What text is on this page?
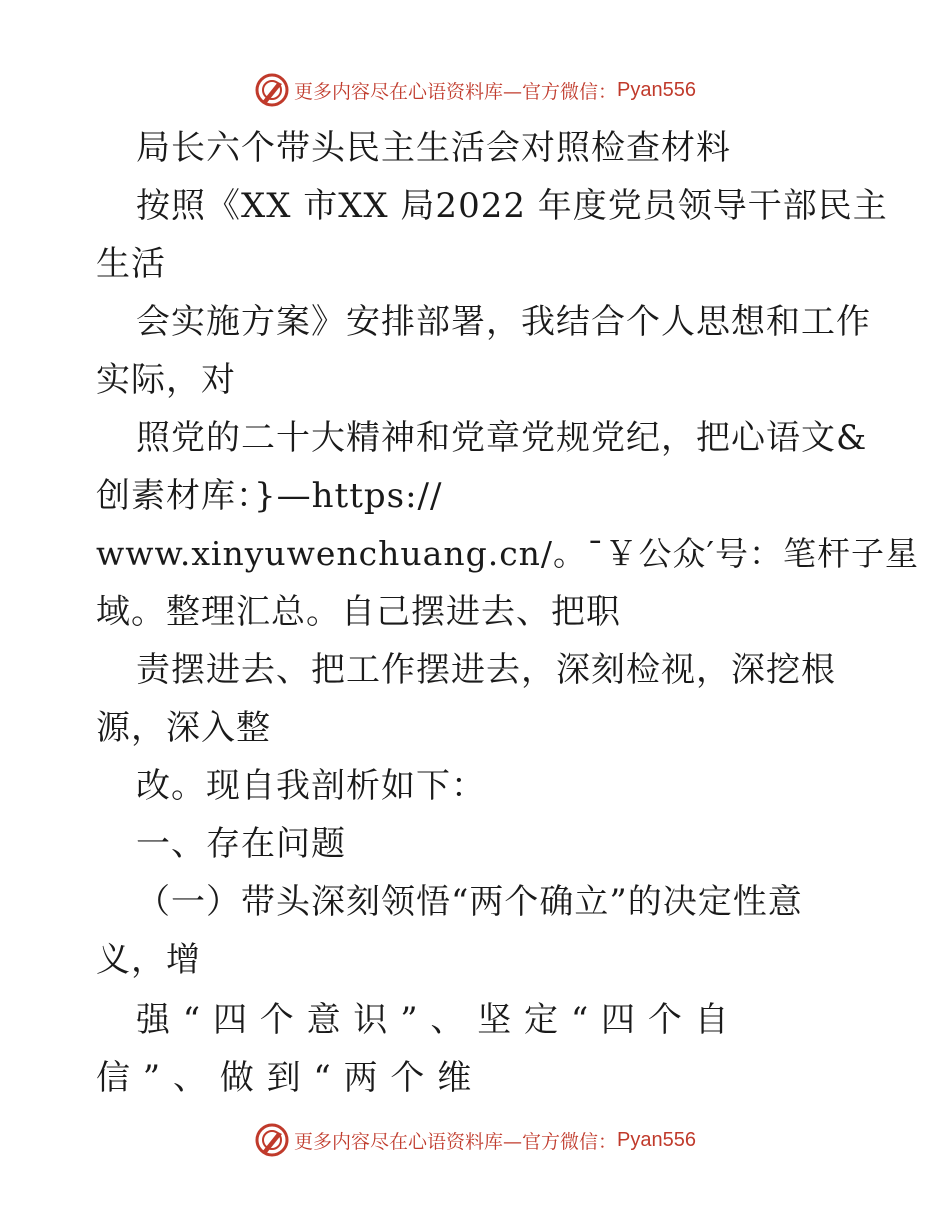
更多内容尽在心语资料库—官方微信： Pyan556
局长六个带头民主生活会对照检查材料
按照《XX 市XX 局2022 年度党员领导干部民主
生活
会实施方案》安排部署，我结合个人思想和工作
实际，对
照党的二十大精神和党章党规党纪，把心语文&
创素材库：}—https://
www.xinyuwenchuang.cn/。¯￥公众′号：笔杆子星
域。整理汇总。自己摆进去、把职
责摆进去、把工作摆进去，深刻检视，深挖根
源，深入整
改。现自我剖析如下：
一、存在问题
（一）带头深刻领悟“两个确立”的决定性意
义，增
强 “ 四 个 意 识 ” 、 坚 定 “ 四 个 自
信 ” 、 做 到 “ 两 个 维
更多内容尽在心语资料库—官方微信： Pyan556
